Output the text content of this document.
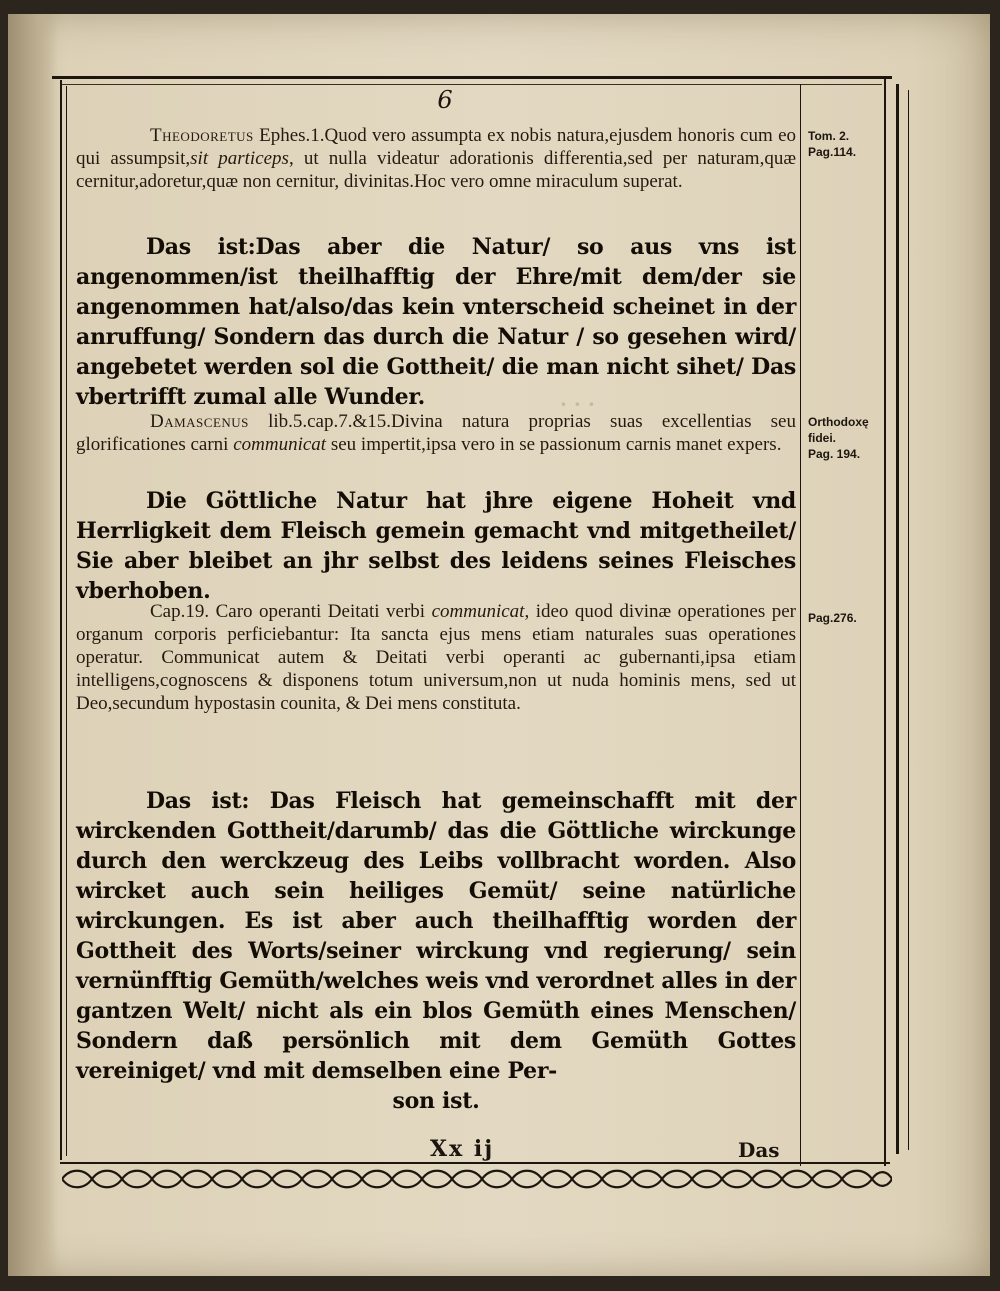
· · ·
6
Theodoretus Ephes.1.Quod vero assumpta ex nobis natura,ejusdem honoris cum eo qui assumpsit,sit particeps, ut nulla videatur adorationis differentia,sed per naturam,quæ cernitur,adoretur,quæ non cernitur, divinitas.Hoc vero omne miraculum superat.
Das ist:Das aber die Natur/ so aus vns ist angenommen/ist theilhafftig der Ehre/mit dem/der sie angenommen hat/also/das kein vnterscheid scheinet in der anruffung/ Sondern das durch die Natur / so gesehen wird/ angebetet werden sol die Gottheit/ die man nicht sihet/ Das vbertrifft zumal alle Wunder.
Damascenus lib.5.cap.7.&15.Divina natura proprias suas excellentias seu glorificationes carni communicat seu impertit,ipsa vero in se passionum carnis manet expers.
Die Göttliche Natur hat jhre eigene Hoheit vnd Herrligkeit dem Fleisch gemein gemacht vnd mitgetheilet/ Sie aber bleibet an jhr selbst des leidens seines Fleisches vberhoben.
Cap.19. Caro operanti Deitati verbi communicat, ideo quod divinæ operationes per organum corporis perficiebantur: Ita sancta ejus mens etiam naturales suas operationes operatur. Communicat autem & Deitati verbi operanti ac gubernanti,ipsa etiam intelligens,cognoscens & disponens totum universum,non ut nuda hominis mens, sed ut Deo,secundum hypostasin counita, & Dei mens constituta.
Das ist: Das Fleisch hat gemeinschafft mit der wirckenden Gottheit/darumb/ das die Göttliche wirckunge durch den werckzeug des Leibs vollbracht worden. Also wircket auch sein heiliges Gemüt/ seine natürliche wirckungen. Es ist aber auch theilhafftig worden der Gottheit des Worts/seiner wirckung vnd regierung/ sein vernünfftig Gemüth/welches weis vnd verordnet alles in der gantzen Welt/ nicht als ein blos Gemüth eines Menschen/ Sondern daß persönlich mit dem Gemüth Gottes vereiniget/ vnd mit demselben eine Per-
son ist.
Tom. 2.
Pag.114.
Orthodoxę
fidei.
Pag. 194.
Pag.276.
Xx ij	Das
